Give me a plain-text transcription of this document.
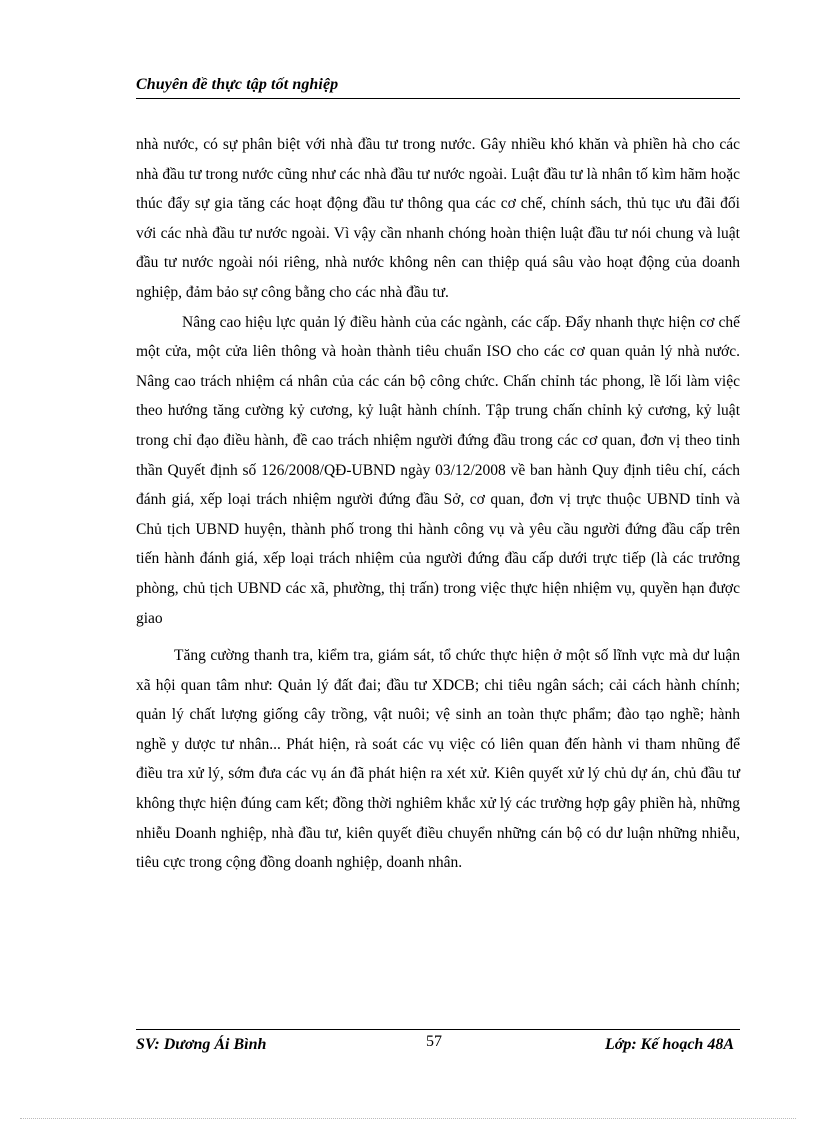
Chuyên đề thực tập tốt nghiệp

nhà nước, có sự phân biệt với nhà đầu tư trong nước. Gây nhiều khó khăn và phiền hà cho các nhà đầu tư trong nước cũng như các nhà đầu tư nước ngoài. Luật đầu tư là nhân tố kìm hãm hoặc thúc đẩy sự gia tăng các hoạt động đầu tư thông qua các cơ chế, chính sách, thủ tục ưu đãi đối với các nhà đầu tư nước ngoài. Vì vậy cần nhanh chóng hoàn thiện luật đầu tư nói chung và luật đầu tư nước ngoài nói riêng, nhà nước không nên can thiệp quá sâu vào hoạt động của doanh nghiệp, đảm bảo sự công bằng cho các nhà đầu tư.

Nâng cao hiệu lực quản lý điều hành của các ngành, các cấp. Đẩy nhanh thực hiện cơ chế một cửa, một cửa liên thông và hoàn thành tiêu chuẩn ISO cho các cơ quan quản lý nhà nước. Nâng cao trách nhiệm cá nhân của các cán bộ công chức. Chấn chỉnh tác phong, lề lối làm việc theo hướng tăng cường kỷ cương, kỷ luật hành chính. Tập trung chấn chỉnh kỷ cương, kỷ luật trong chỉ đạo điều hành, đề cao trách nhiệm người đứng đầu trong các cơ quan, đơn vị theo tinh thần Quyết định số 126/2008/QĐ-UBND ngày 03/12/2008 về ban hành Quy định tiêu chí, cách đánh giá, xếp loại trách nhiệm người đứng đầu Sở, cơ quan, đơn vị trực thuộc UBND tỉnh và Chủ tịch UBND huyện, thành phố trong thi hành công vụ và yêu cầu người đứng đầu cấp trên tiến hành đánh giá, xếp loại trách nhiệm của người đứng đầu cấp dưới trực tiếp (là các trưởng phòng, chủ tịch UBND các xã, phường, thị trấn) trong việc thực hiện nhiệm vụ, quyền hạn được giao

Tăng cường thanh tra, kiểm tra, giám sát, tổ chức thực hiện ở một số lĩnh vực mà dư luận xã hội quan tâm như: Quản lý đất đai; đầu tư XDCB; chi tiêu ngân sách; cải cách hành chính; quản lý chất lượng giống cây trồng, vật nuôi; vệ sinh an toàn thực phẩm; đào tạo nghề; hành nghề y dược tư nhân... Phát hiện, rà soát các vụ việc có liên quan đến hành vi tham nhũng để điều tra xử lý, sớm đưa các vụ án đã phát hiện ra xét xử. Kiên quyết xử lý chủ dự án, chủ đầu tư không thực hiện đúng cam kết; đồng thời nghiêm khắc xử lý các trường hợp gây phiền hà, những nhiễu Doanh nghiệp, nhà đầu tư, kiên quyết điều chuyển những cán bộ có dư luận những nhiễu, tiêu cực trong cộng đồng doanh nghiệp, doanh nhân.

SV: Dương Ái Bình	57	Lớp: Kế hoạch 48A
